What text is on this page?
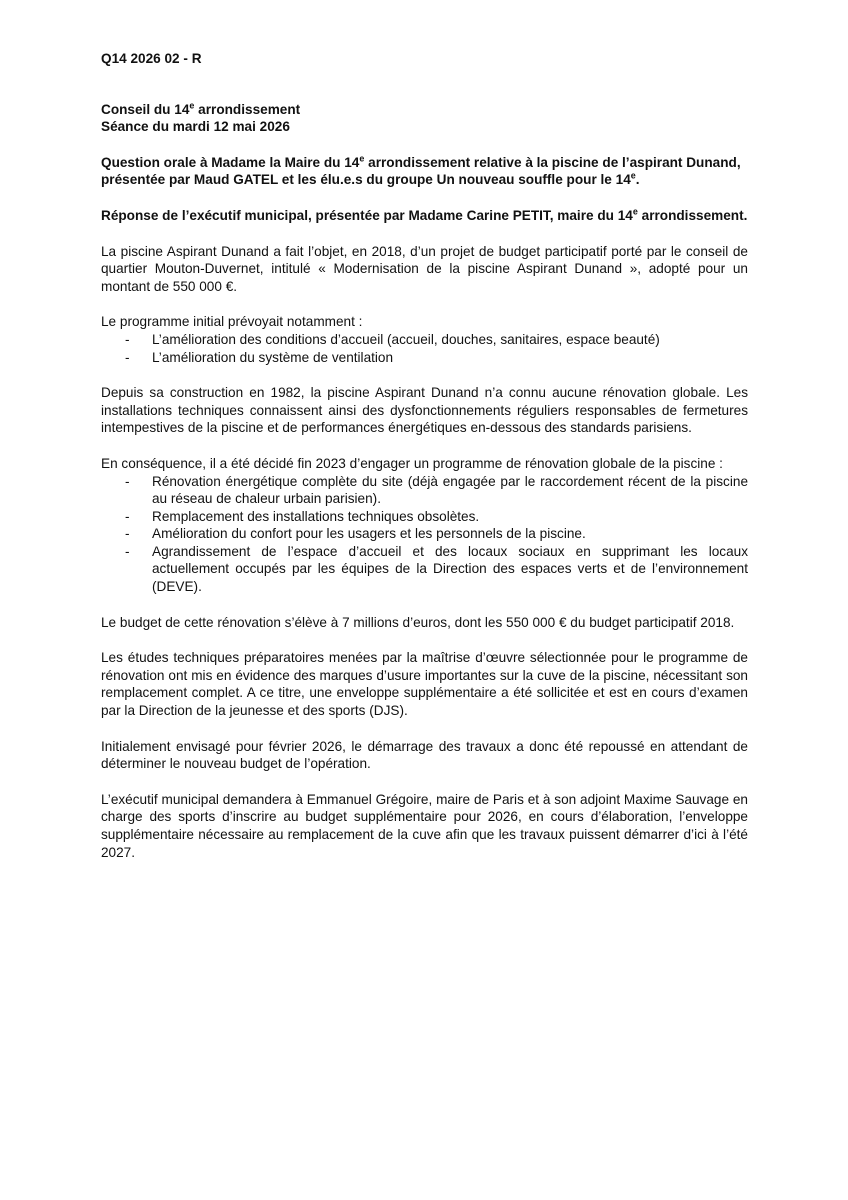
Q14 2026 02 - R

Conseil du 14e arrondissement

Séance du mardi 12 mai 2026

Question orale à Madame la Maire du 14e arrondissement relative à la piscine de l’aspirant Dunand, présentée par Maud GATEL et les élu.e.s du groupe Un nouveau souffle pour le 14e.

Réponse de l’exécutif municipal, présentée par Madame Carine PETIT, maire du 14e arrondissement.

La piscine Aspirant Dunand a fait l’objet, en 2018, d’un projet de budget participatif porté par le conseil de quartier Mouton-Duvernet, intitulé « Modernisation de la piscine Aspirant Dunand », adopté pour un montant de 550 000 €.

Le programme initial prévoyait notamment :

- L’amélioration des conditions d’accueil (accueil, douches, sanitaires, espace beauté)
- L’amélioration du système de ventilation

Depuis sa construction en 1982, la piscine Aspirant Dunand n’a connu aucune rénovation globale. Les installations techniques connaissent ainsi des dysfonctionnements réguliers responsables de fermetures intempestives de la piscine et de performances énergétiques en-dessous des standards parisiens.

En conséquence, il a été décidé fin 2023 d’engager un programme de rénovation globale de la piscine :

- Rénovation énergétique complète du site (déjà engagée par le raccordement récent de la piscine au réseau de chaleur urbain parisien).
- Remplacement des installations techniques obsolètes.
- Amélioration du confort pour les usagers et les personnels de la piscine.
- Agrandissement de l’espace d’accueil et des locaux sociaux en supprimant les locaux actuellement occupés par les équipes de la Direction des espaces verts et de l’environnement (DEVE).

Le budget de cette rénovation s’élève à 7 millions d’euros, dont les 550 000 € du budget participatif 2018.

Les études techniques préparatoires menées par la maîtrise d’œuvre sélectionnée pour le programme de rénovation ont mis en évidence des marques d’usure importantes sur la cuve de la piscine, nécessitant son remplacement complet. A ce titre, une enveloppe supplémentaire a été sollicitée et est en cours d’examen par la Direction de la jeunesse et des sports (DJS).

Initialement envisagé pour février 2026, le démarrage des travaux a donc été repoussé en attendant de déterminer le nouveau budget de l’opération.

L’exécutif municipal demandera à Emmanuel Grégoire, maire de Paris et à son adjoint Maxime Sauvage en charge des sports d’inscrire au budget supplémentaire pour 2026, en cours d’élaboration, l’enveloppe supplémentaire nécessaire au remplacement de la cuve afin que les travaux puissent démarrer d’ici à l’été 2027.
